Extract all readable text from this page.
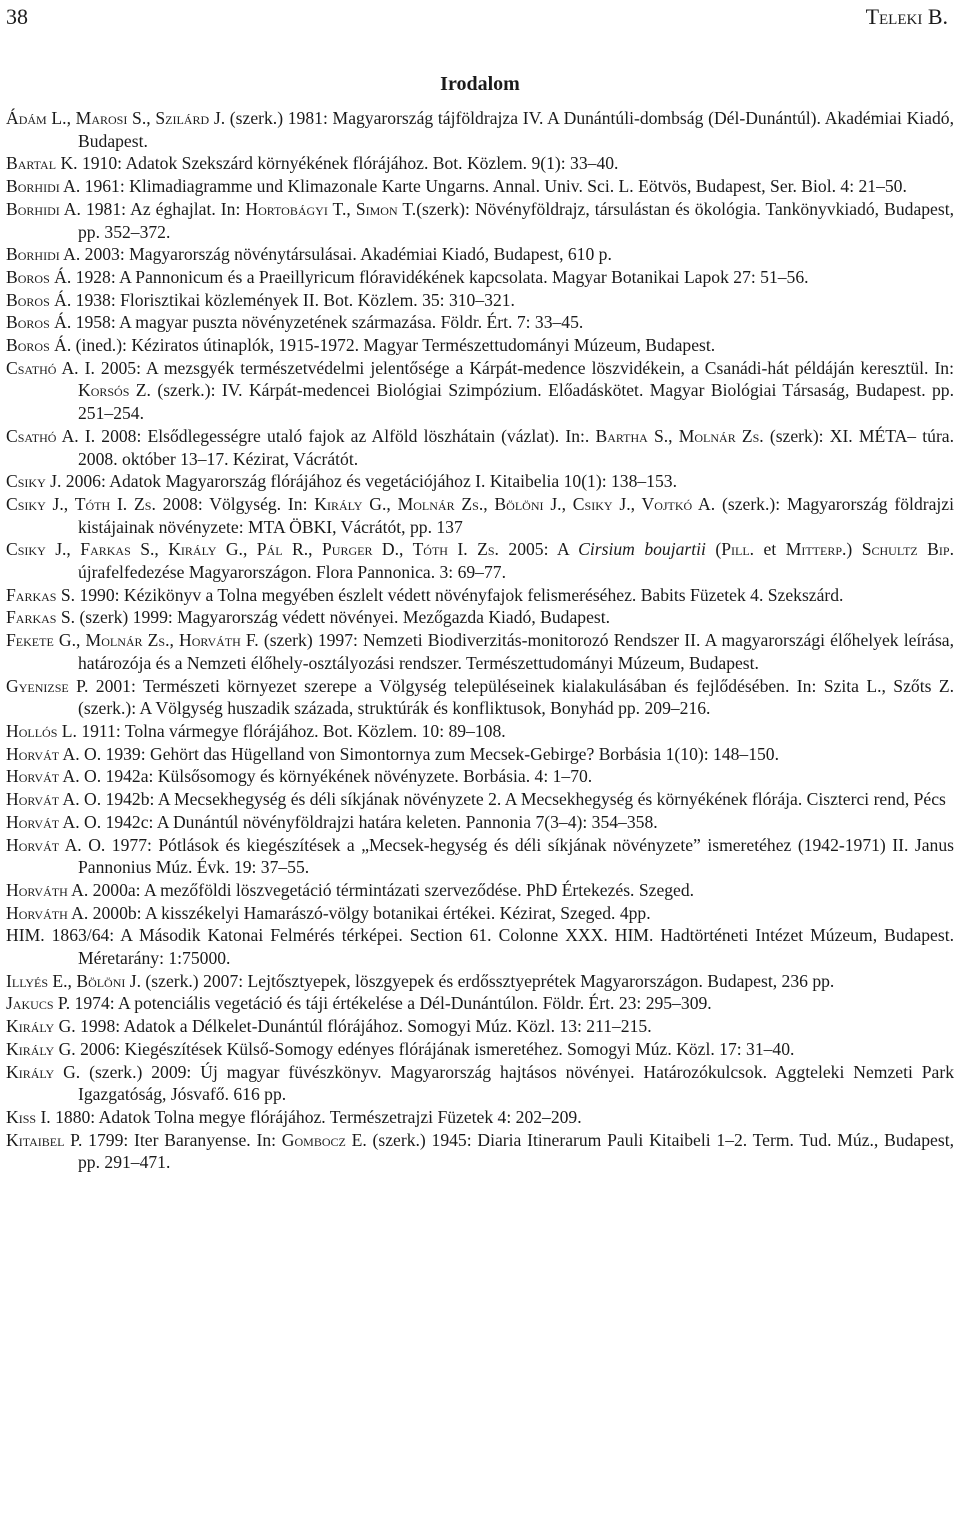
38	Teleki B.
Irodalom
Ádám L., Marosi S., Szilárd J. (szerk.) 1981: Magyarország tájföldrajza IV. A Dunántúli-dombság (Dél-Dunántúl). Akadémiai Kiadó, Budapest.
Bartal K. 1910: Adatok Szekszárd környékének flórájához. Bot. Közlem. 9(1): 33–40.
Borhidi A. 1961: Klimadiagramme und Klimazonale Karte Ungarns. Annal. Univ. Sci. L. Eötvös, Budapest, Ser. Biol. 4: 21–50.
Borhidi A. 1981: Az éghajlat. In: Hortobágyi T., Simon T.(szerk): Növényföldrajz, társulástan és ökológia. Tankönyvkiadó, Budapest, pp. 352–372.
Borhidi A. 2003: Magyarország növénytársulásai. Akadémiai Kiadó, Budapest, 610 p.
Boros Á. 1928: A Pannonicum és a Praeillyricum flóravidékének kapcsolata. Magyar Botanikai Lapok 27: 51–56.
Boros Á. 1938: Florisztikai közlemények II. Bot. Közlem. 35: 310–321.
Boros Á. 1958: A magyar puszta növényzetének származása. Földr. Ért. 7: 33–45.
Boros Á. (ined.): Kéziratos útinaplók, 1915-1972. Magyar Természettudományi Múzeum, Budapest.
Csathó A. I. 2005: A mezsgyék természetvédelmi jelentősége a Kárpát-medence löszvidékein, a Csanádi-hát példáján keresztül. In: Korsós Z. (szerk.): IV. Kárpát-medencei Biológiai Szimpózium. Előadáskötet. Magyar Biológiai Társaság, Budapest. pp. 251–254.
Csathó A. I. 2008: Elsődlegességre utaló fajok az Alföld löszhátain (vázlat). In:. Bartha S., Molnár Zs. (szerk): XI. MÉTA– túra. 2008. október 13–17. Kézirat, Vácrátót.
Csiky J. 2006: Adatok Magyarország flórájához és vegetációjához I. Kitaibelia 10(1): 138–153.
Csiky J., Tóth I. Zs. 2008: Völgység. In: Király G., Molnár Zs., Bölöni J., Csiky J., Vojtkó A. (szerk.): Magyarország földrajzi kistájainak növényzete: MTA ÖBKI, Vácrátót, pp. 137
Csiky J., Farkas S., Király G., Pál R., Purger D., Tóth I. Zs. 2005: A Cirsium boujartii (Pill. et Mitterp.) Schultz Bip. újrafelfedezése Magyarországon. Flora Pannonica. 3: 69–77.
Farkas S. 1990: Kézikönyv a Tolna megyében észlelt védett növényfajok felismeréséhez. Babits Füzetek 4. Szekszárd.
Farkas S. (szerk) 1999: Magyarország védett növényei. Mezőgazda Kiadó, Budapest.
Fekete G., Molnár Zs., Horváth F. (szerk) 1997: Nemzeti Biodiverzitás-monitorozó Rendszer II. A magyarországi élőhelyek leírása, határozója és a Nemzeti élőhely-osztályozási rendszer. Természettudományi Múzeum, Budapest.
Gyenizse P. 2001: Természeti környezet szerepe a Völgység településeinek kialakulásában és fejlődésében. In: Szita L., Szőts Z. (szerk.): A Völgység huszadik százada, struktúrák és konfliktusok, Bonyhád pp. 209–216.
Hollós L. 1911: Tolna vármegye flórájához. Bot. Közlem. 10: 89–108.
Horvát A. O. 1939: Gehört das Hügelland von Simontornya zum Mecsek-Gebirge? Borbásia 1(10): 148–150.
Horvát A. O. 1942a: Külsősomogy és környékének növényzete. Borbásia. 4: 1–70.
Horvát A. O. 1942b: A Mecsekhegység és déli síkjának növényzete 2. A Mecsekhegység és környékének flórája. Ciszterci rend, Pécs
Horvát A. O. 1942c: A Dunántúl növényföldrajzi határa keleten. Pannonia 7(3–4): 354–358.
Horvát A. O. 1977: Pótlások és kiegészítések a „Mecsek-hegység és déli síkjának növényzete” ismeretéhez (1942-1971) II. Janus Pannonius Múz. Évk. 19: 37–55.
Horváth A. 2000a: A mezőföldi löszvegetáció términtázati szerveződése. PhD Értekezés. Szeged.
Horváth A. 2000b: A kisszékelyi Hamarászó-völgy botanikai értékei. Kézirat, Szeged. 4pp.
HIM. 1863/64: A Második Katonai Felmérés térképei. Section 61. Colonne XXX. HIM. Hadtörténeti Intézet Múzeum, Budapest. Méretarány: 1:75000.
Illyés E., Bölöni J. (szerk.) 2007: Lejtősztyepek, löszgyepek és erdőssztyeprétek Magyarországon. Budapest, 236 pp.
Jakucs P. 1974: A potenciális vegetáció és táji értékelése a Dél-Dunántúlon. Földr. Ért. 23: 295–309.
Király G. 1998: Adatok a Délkelet-Dunántúl flórájához. Somogyi Múz. Közl. 13: 211–215.
Király G. 2006: Kiegészítések Külső-Somogy edényes flórájának ismeretéhez. Somogyi Múz. Közl. 17: 31–40.
Király G. (szerk.) 2009: Új magyar füvészkönyv. Magyarország hajtásos növényei. Határozókulcsok. Aggteleki Nemzeti Park Igazgatóság, Jósvafő. 616 pp.
Kiss I. 1880: Adatok Tolna megye flórájához. Természetrajzi Füzetek 4: 202–209.
Kitaibel P. 1799: Iter Baranyense. In: Gombocz E. (szerk.) 1945: Diaria Itinerarum Pauli Kitaibeli 1–2. Term. Tud. Múz., Budapest, pp. 291–471.
